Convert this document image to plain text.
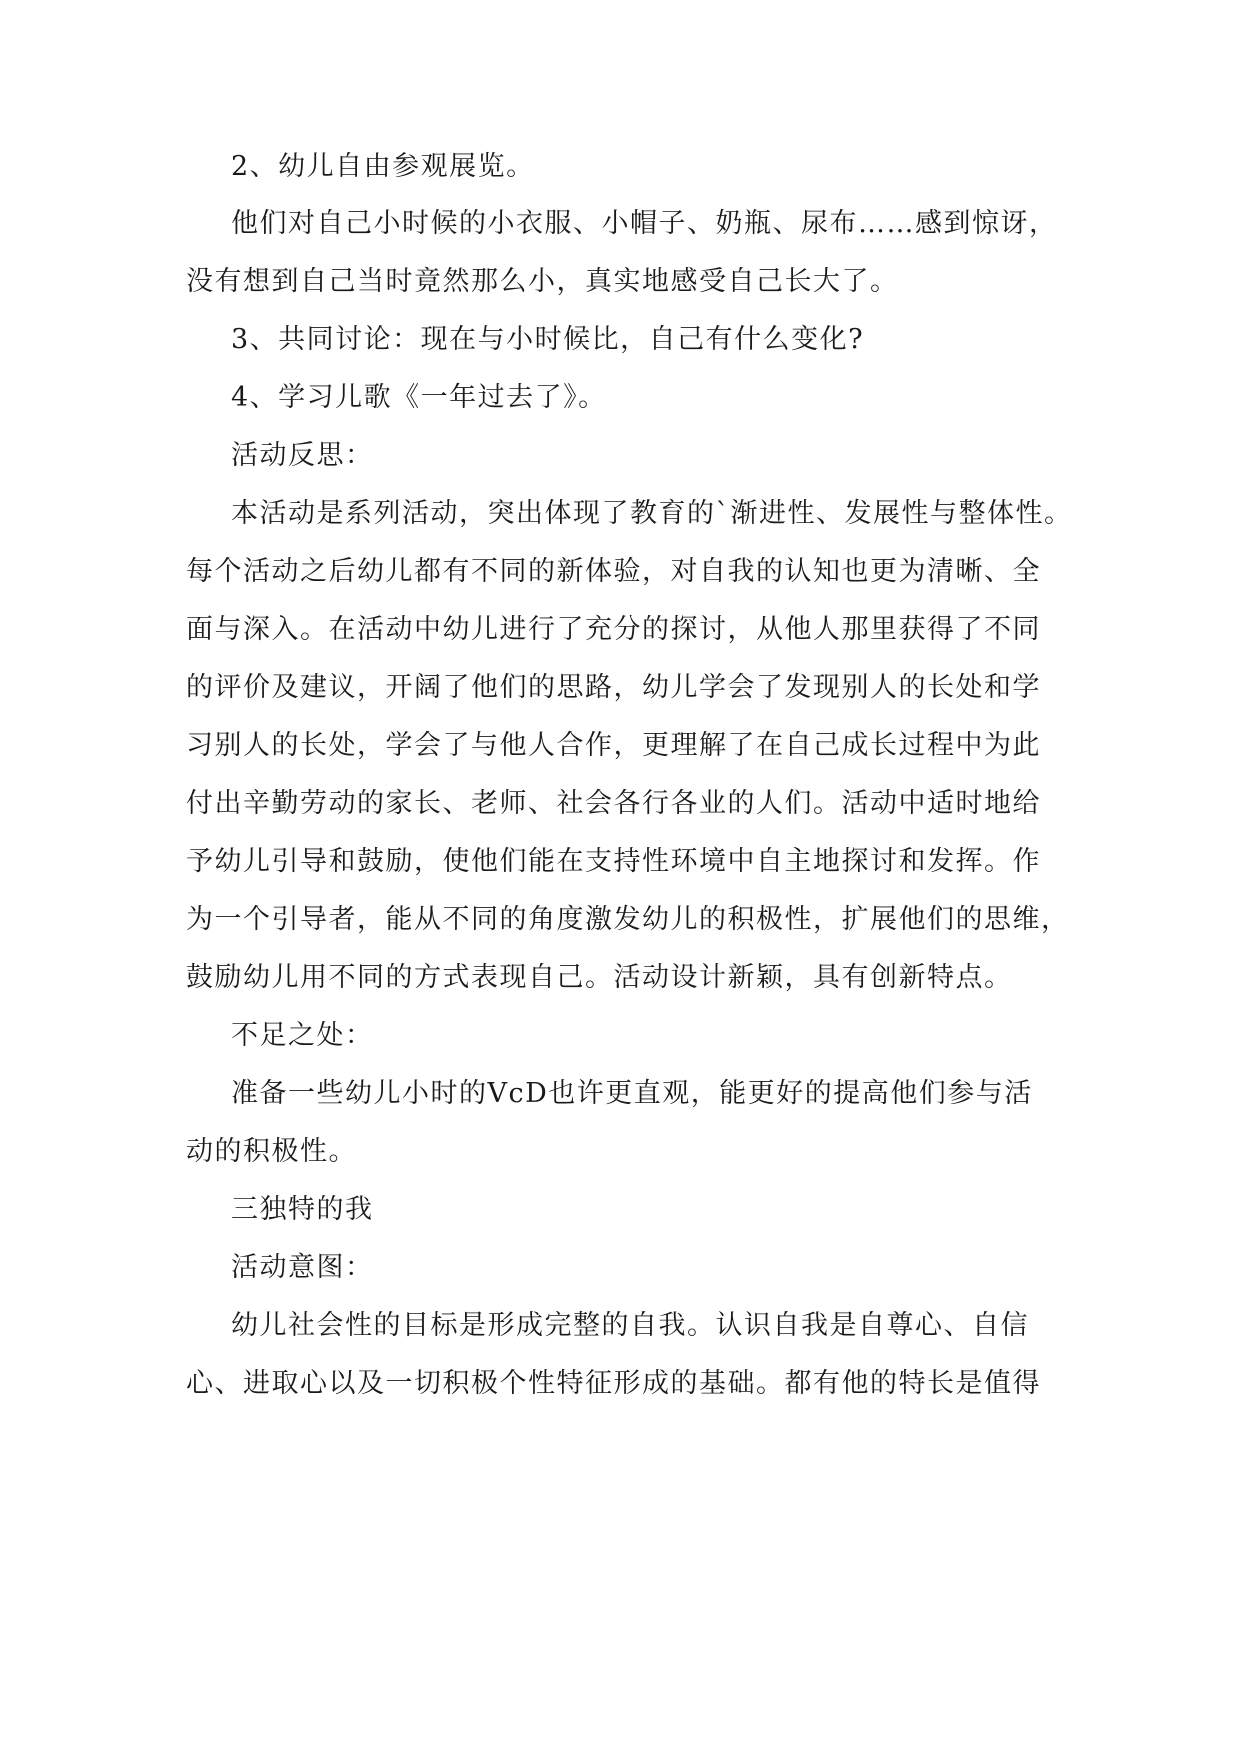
2、幼儿自由参观展览。
他们对自己小时候的小衣服、小帽子、奶瓶、尿布……感到惊讶，
没有想到自己当时竟然那么小，真实地感受自己长大了。
3、共同讨论：现在与小时候比，自己有什么变化?
4、学习儿歌《一年过去了》。
活动反思：
本活动是系列活动，突出体现了教育的`渐进性、发展性与整体性。
每个活动之后幼儿都有不同的新体验，对自我的认知也更为清晰、全
面与深入。在活动中幼儿进行了充分的探讨，从他人那里获得了不同
的评价及建议，开阔了他们的思路，幼儿学会了发现别人的长处和学
习别人的长处，学会了与他人合作，更理解了在自己成长过程中为此
付出辛勤劳动的家长、老师、社会各行各业的人们。活动中适时地给
予幼儿引导和鼓励，使他们能在支持性环境中自主地探讨和发挥。作
为一个引导者，能从不同的角度激发幼儿的积极性，扩展他们的思维，
鼓励幼儿用不同的方式表现自己。活动设计新颖，具有创新特点。
不足之处：
准备一些幼儿小时的VcD也许更直观，能更好的提高他们参与活
动的积极性。
三独特的我
活动意图：
幼儿社会性的目标是形成完整的自我。认识自我是自尊心、自信
心、进取心以及一切积极个性特征形成的基础。都有他的特长是值得
